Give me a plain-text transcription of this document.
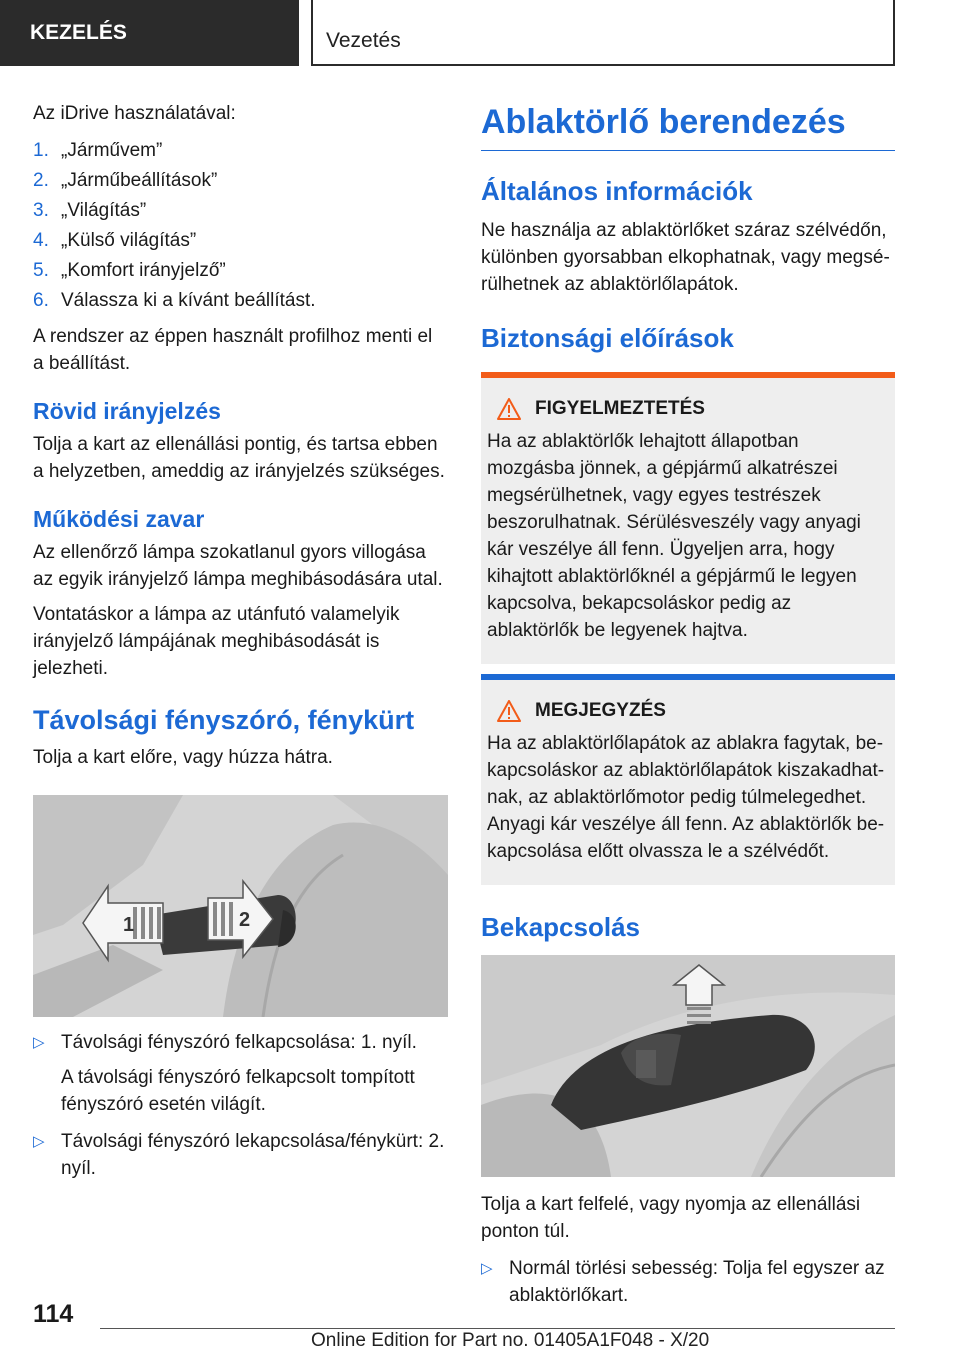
KEZELÉS	Vezetés

Az iDrive használatával:

1. „Járművem”
2. „Járműbeállítások”
3. „Világítás”
4. „Külső világítás”
5. „Komfort irányjelző”
6. Válassza ki a kívánt beállítást.

A rendszer az éppen használt profilhoz menti el a beállítást.

Rövid irányjelzés

Tolja a kart az ellenállási pontig, és tartsa ebben a helyzetben, ameddig az irányjelzés szükséges.

Működési zavar

Az ellenőrző lámpa szokatlanul gyors villogása az egyik irányjelző lámpa meghibásodására utal.

Vontatáskor a lámpa az utánfutó valamelyik irányjelző lámpájának meghibásodását is jelezheti.

Távolsági fényszóró, fénykürt

Tolja a kart előre, vagy húzza hátra.

1	2
▷ Távolsági fényszóró felkapcsolása: 1. nyíl.

A távolsági fényszóró felkapcsolt tompított fényszóró esetén világít.

▷ Távolsági fényszóró lekapcsolása/fénykürt: 2. nyíl.

Ablaktörlő berendezés
Általános információk

Ne használja az ablaktörlőket száraz szélvédőn, különben gyorsabban elkophatnak, vagy megsérülhetnek az ablaktörlőlapátok.

Biztonsági előírások
FIGYELMEZTETÉS

Ha az ablaktörlők lehajtott állapotban mozgásba jönnek, a gépjármű alkatrészei megsérülhetnek, vagy egyes testrészek beszorulhatnak. Sérülésveszély vagy anyagi kár veszélye áll fenn. Ügyeljen arra, hogy kihajtott ablaktörlőknél a gépjármű le legyen kapcsolva, bekapcsoláskor pedig az ablaktörlők be legyenek hajtva.

MEGJEGYZÉS

Ha az ablaktörlőlapátok az ablakra fagytak, bekapcsoláskor az ablaktörlőlapátok kiszakadhatnak, az ablaktörlőmotor pedig túlmelegedhet. Anyagi kár veszélye áll fenn. Az ablaktörlők bekapcsolása előtt olvassza le a szélvédőt.

Bekapcsolás

Tolja a kart felfelé, vagy nyomja az ellenállási ponton túl.

▷ Normál törlési sebesség: Tolja fel egyszer az ablaktörlőkart.

114
Online Edition for Part no. 01405A1F048 - X/20
